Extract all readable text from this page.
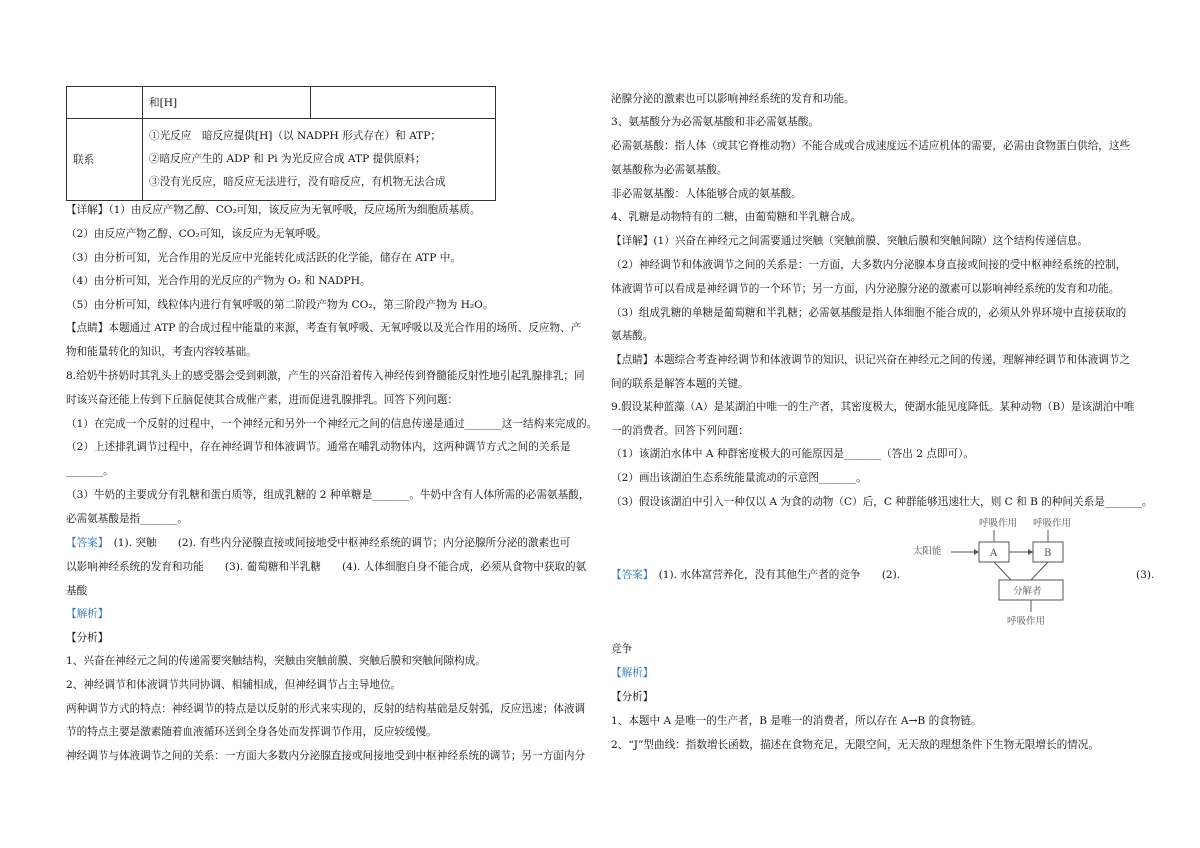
	和[H]	
联系	①光反应　暗反应提供[H]（以 NADPH 形式存在）和 ATP；
②暗反应产生的 ADP 和 Pi 为光反应合成 ATP 提供原料；
③没有光反应，暗反应无法进行，没有暗反应，有机物无法合成	
【详解】（1）由反应产物乙醇、CO₂可知，该反应为无氧呼吸，反应场所为细胞质基质。
（2）由反应产物乙醇、CO₂可知，该反应为无氧呼吸。
（3）由分析可知，光合作用的光反应中光能转化成活跃的化学能，储存在 ATP 中。
（4）由分析可知，光合作用的光反应的产物为 O₂ 和 NADPH。
（5）由分析可知，线粒体内进行有氧呼吸的第二阶段产物为 CO₂，第三阶段产物为 H₂O。
【点睛】本题通过 ATP 的合成过程中能量的来源，考查有氧呼吸、无氧呼吸以及光合作用的场所、反应物、产
物和能量转化的知识，考查内容较基础。
8.给奶牛挤奶时其乳头上的感受器会受到刺激，产生的兴奋沿着传入神经传到脊髓能反射性地引起乳腺排乳；同
时该兴奋还能上传到下丘脑促使其合成催产素，进而促进乳腺排乳。回答下列问题：
（1）在完成一个反射的过程中，一个神经元和另外一个神经元之间的信息传递是通过_______这一结构来完成的。
（2）上述排乳调节过程中，存在神经调节和体液调节。通常在哺乳动物体内，这两种调节方式之间的关系是
_______。
（3）牛奶的主要成分有乳糖和蛋白质等，组成乳糖的 2 种单糖是_______。牛奶中含有人体所需的必需氨基酸，
必需氨基酸是指_______。
【答案】　(1). 突触　　(2). 有些内分泌腺直接或间接地受中枢神经系统的调节；内分泌腺所分泌的激素也可
以影响神经系统的发育和功能　　(3). 葡萄糖和半乳糖　　(4). 人体细胞自身不能合成，必须从食物中获取的氨
基酸
【解析】
【分析】
1、兴奋在神经元之间的传递需要突触结构，突触由突触前膜、突触后膜和突触间隙构成。
2、神经调节和体液调节共同协调、相辅相成，但神经调节占主导地位。
两种调节方式的特点：神经调节的特点是以反射的形式来实现的，反射的结构基础是反射弧，反应迅速；体液调
节的特点主要是激素随着血液循环送到全身各处而发挥调节作用，反应较缓慢。
神经调节与体液调节之间的关系：一方面大多数内分泌腺直接或间接地受到中枢神经系统的调节；另一方面内分
泌腺分泌的激素也可以影响神经系统的发育和功能。
3、氨基酸分为必需氨基酸和非必需氨基酸。
必需氨基酸：指人体（或其它脊椎动物）不能合成或合成速度远不适应机体的需要，必需由食物蛋白供给，这些
氨基酸称为必需氨基酸。
非必需氨基酸：人体能够合成的氨基酸。
4、乳糖是动物特有的二糖，由葡萄糖和半乳糖合成。
【详解】(1）兴奋在神经元之间需要通过突触（突触前膜、突触后膜和突触间隙）这个结构传递信息。
（2）神经调节和体液调节之间的关系是：一方面，大多数内分泌腺本身直接或间接的受中枢神经系统的控制，
体液调节可以看成是神经调节的一个环节；另一方面，内分泌腺分泌的激素可以影响神经系统的发育和功能。
（3）组成乳糖的单糖是葡萄糖和半乳糖；必需氨基酸是指人体细胞不能合成的，必须从外界环境中直接获取的
氨基酸。
【点睛】本题综合考查神经调节和体液调节的知识，识记兴奋在神经元之间的传递，理解神经调节和体液调节之
间的联系是解答本题的关键。
9.假设某种蓝藻（A）是某湖泊中唯一的生产者，其密度极大，使湖水能见度降低。某种动物（B）是该湖泊中唯
一的消费者。回答下列问题：
（1）该湖泊水体中 A 种群密度极大的可能原因是_______（答出 2 点即可）。
（2）画出该湖泊生态系统能量流动的示意图_______。
（3）假设该湖泊中引入一种仅以 A 为食的动物（C）后，C 种群能够迅速壮大，则 C 和 B 的种间关系是_______。
【答案】　(1). 水体富营养化，没有其他生产者的竞争　　(2).	(3).
呼吸作用 呼吸作用
太阳能	A	B
分解者
呼吸作用
竞争
【解析】
【分析】
1、本题中 A 是唯一的生产者，B 是唯一的消费者，所以存在 A→B 的食物链。
2、“J”型曲线：指数增长函数，描述在食物充足，无限空间，无天敌的理想条件下生物无限增长的情况。
